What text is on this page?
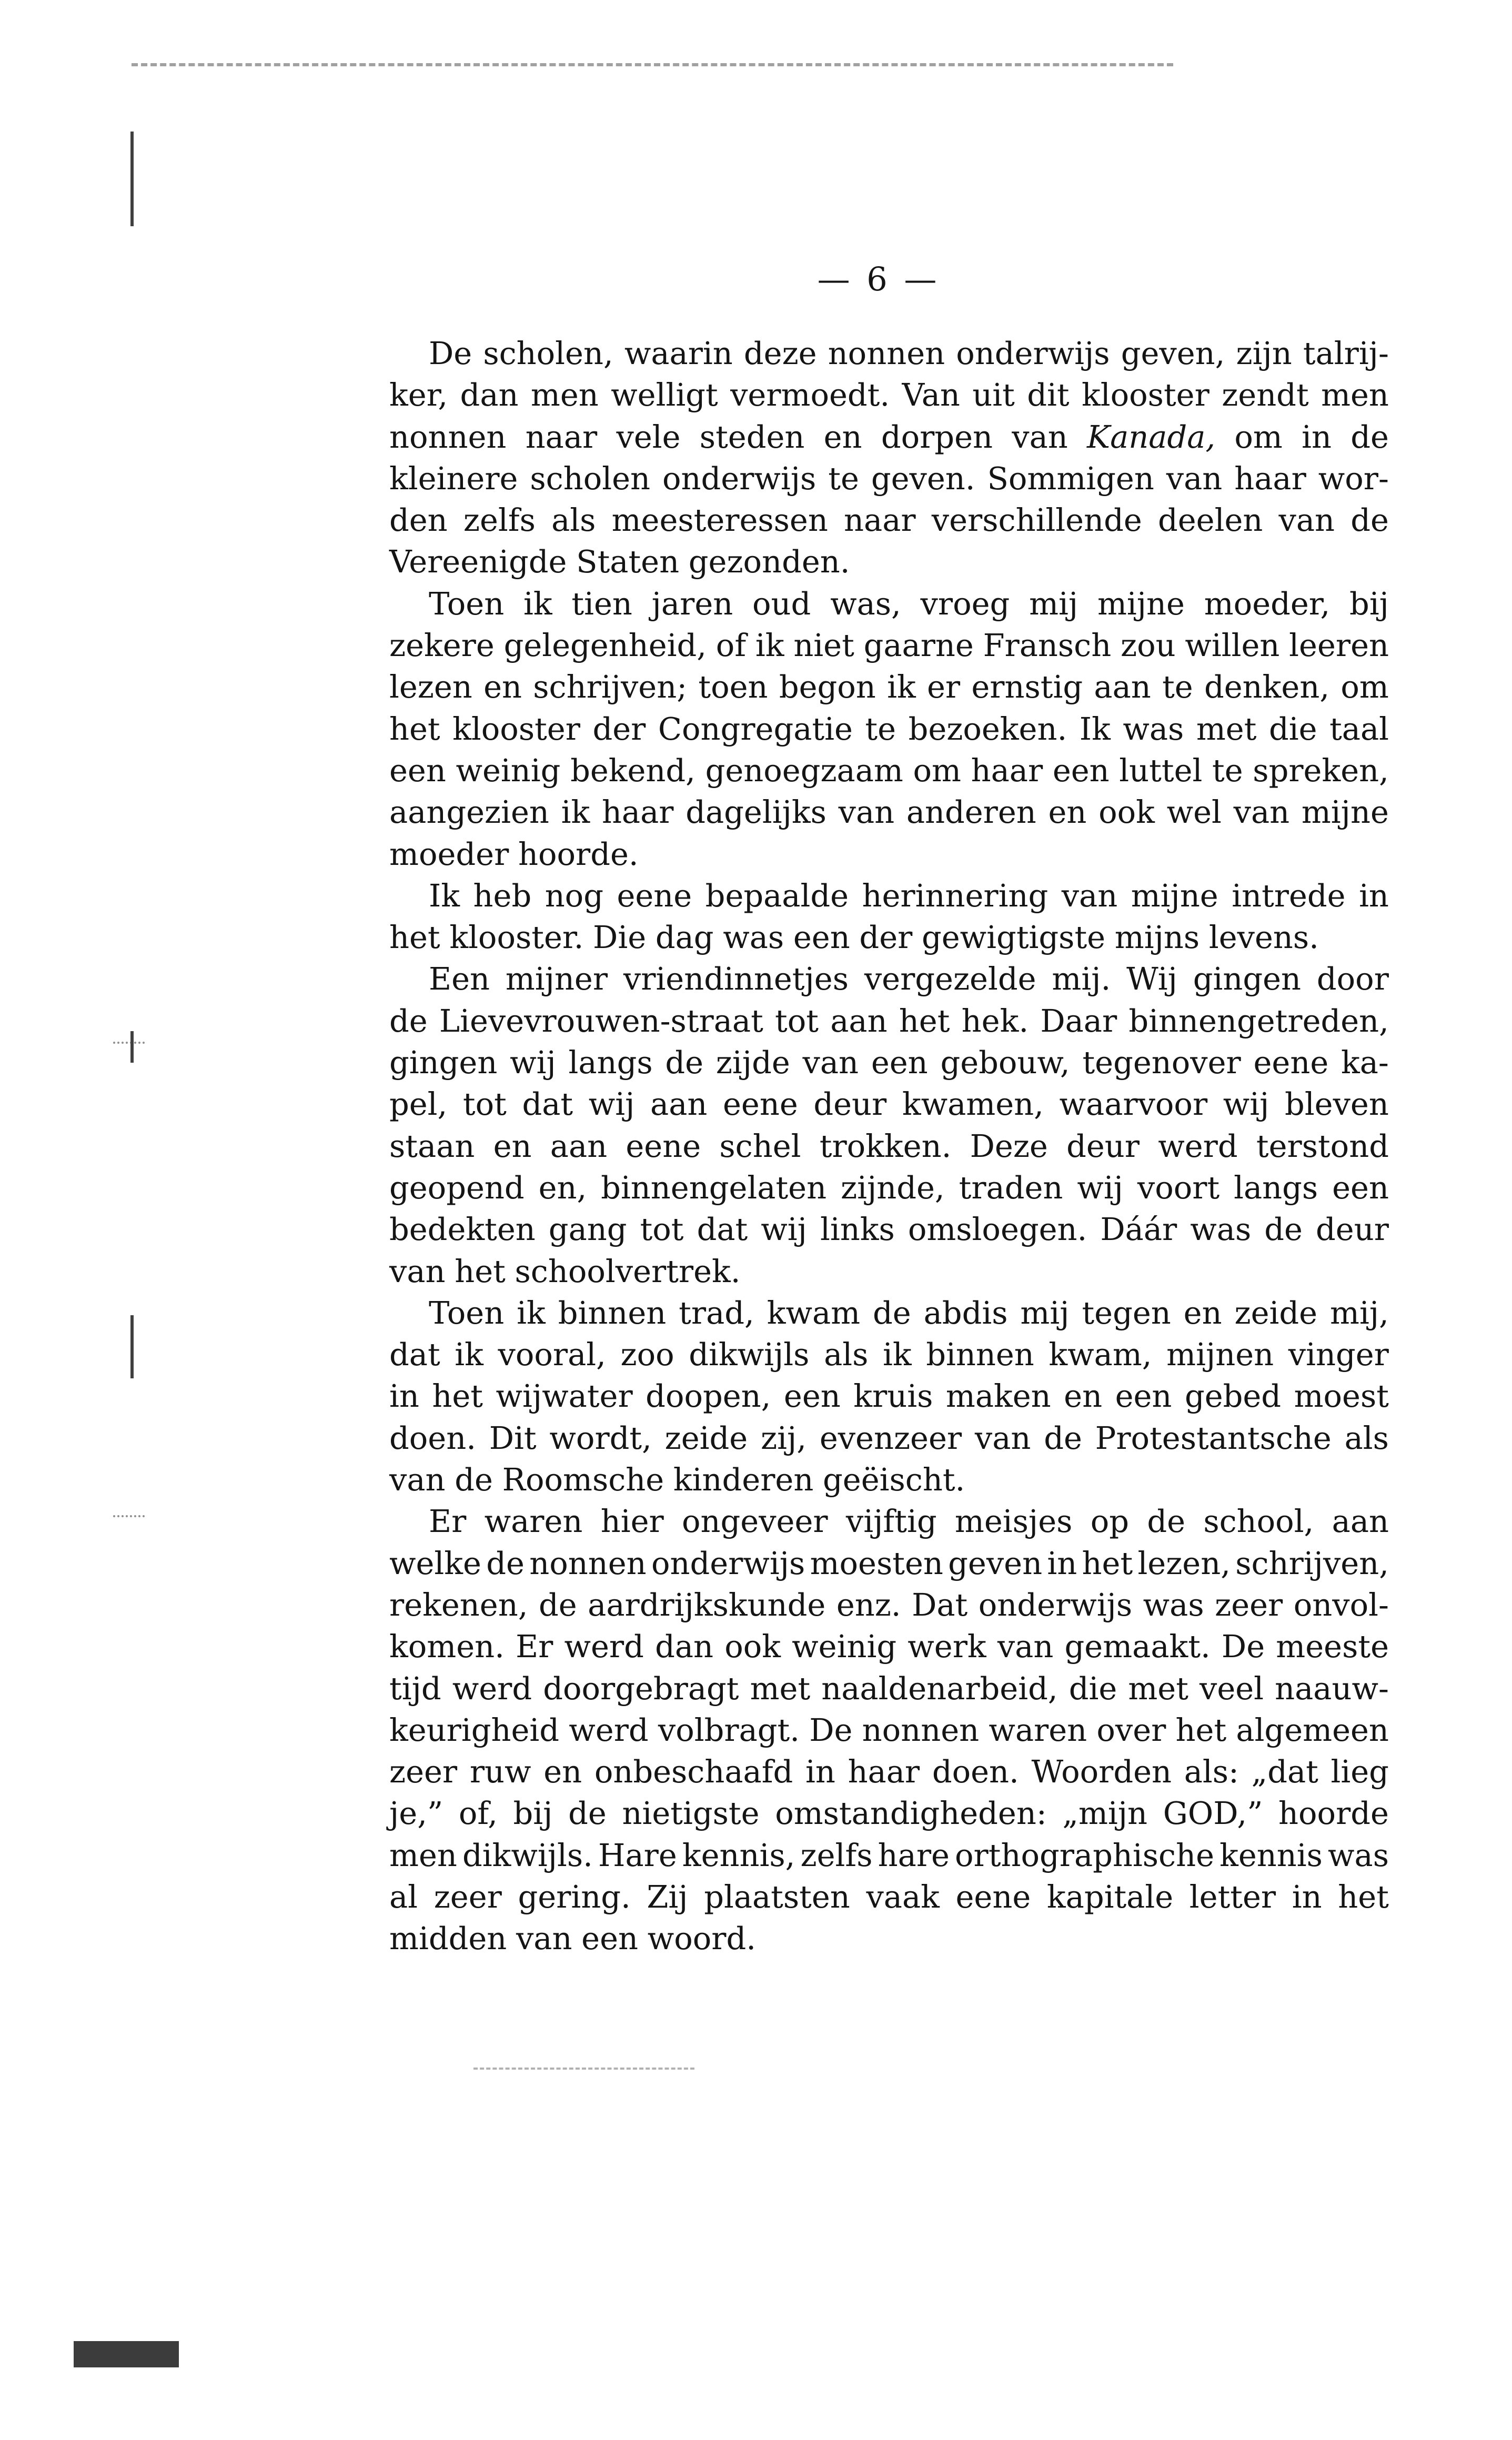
— 6 —
De scholen, waarin deze nonnen onderwijs geven, zijn talrij-
ker, dan men welligt vermoedt. Van uit dit klooster zendt men
nonnen naar vele steden en dorpen van Kanada, om in de
kleinere scholen onderwijs te geven. Sommigen van haar wor-
den zelfs als meesteressen naar verschillende deelen van de
Vereenigde Staten gezonden.
Toen ik tien jaren oud was, vroeg mij mijne moeder, bij
zekere gelegenheid, of ik niet gaarne Fransch zou willen leeren
lezen en schrijven; toen begon ik er ernstig aan te denken, om
het klooster der Congregatie te bezoeken. Ik was met die taal
een weinig bekend, genoegzaam om haar een luttel te spreken,
aangezien ik haar dagelijks van anderen en ook wel van mijne
moeder hoorde.
Ik heb nog eene bepaalde herinnering van mijne intrede in
het klooster. Die dag was een der gewigtigste mijns levens.
Een mijner vriendinnetjes vergezelde mij. Wij gingen door
de Lievevrouwen-straat tot aan het hek. Daar binnengetreden,
gingen wij langs de zijde van een gebouw, tegenover eene ka-
pel, tot dat wij aan eene deur kwamen, waarvoor wij bleven
staan en aan eene schel trokken. Deze deur werd terstond
geopend en, binnengelaten zijnde, traden wij voort langs een
bedekten gang tot dat wij links omsloegen. Dáár was de deur
van het schoolvertrek.
Toen ik binnen trad, kwam de abdis mij tegen en zeide mij,
dat ik vooral, zoo dikwijls als ik binnen kwam, mijnen vinger
in het wijwater doopen, een kruis maken en een gebed moest
doen. Dit wordt, zeide zij, evenzeer van de Protestantsche als
van de Roomsche kinderen geëischt.
Er waren hier ongeveer vijftig meisjes op de school, aan
welke de nonnen onderwijs moesten geven in het lezen, schrijven,
rekenen, de aardrijkskunde enz. Dat onderwijs was zeer onvol-
komen. Er werd dan ook weinig werk van gemaakt. De meeste
tijd werd doorgebragt met naaldenarbeid, die met veel naauw-
keurigheid werd volbragt. De nonnen waren over het algemeen
zeer ruw en onbeschaafd in haar doen. Woorden als: „dat lieg
je,” of, bij de nietigste omstandigheden: „mijn GOD,” hoorde
men dikwijls. Hare kennis, zelfs hare orthographische kennis was
al zeer gering. Zij plaatsten vaak eene kapitale letter in het
midden van een woord.
